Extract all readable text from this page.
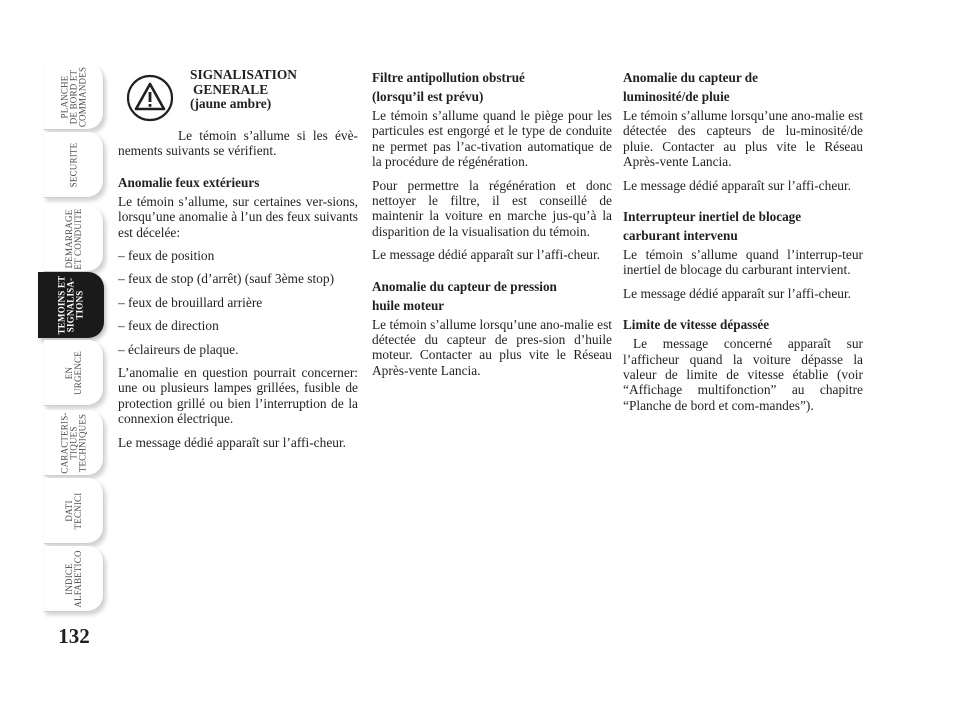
PLANCHE
DE BORD ET
COMMANDES
SECURITE
DEMARRAGE
ET CONDUITE
TEMOINS ET
SIGNALISA-
TIONS
EN
URGENCE
CARACTERIS-
TIQUES
TECHNIQUES
DATI
TECNICI
INDICE
ALFABETICO
132
SIGNALISATION
GENERALE
(jaune ambre)

Le témoin s’allume si les évè-nements suivants se vérifient.

Anomalie feux extérieurs

Le témoin s’allume, sur certaines ver-sions, lorsqu’une anomalie à l’un des feux suivants est décelée:

– feux de position

– feux de stop (d’arrêt) (sauf 3ème stop)

– feux de brouillard arrière

– feux de direction

– éclaireurs de plaque.

L’anomalie en question pourrait concerner: une ou plusieurs lampes grillées, fusible de protection grillé ou bien l’interruption de la connexion électrique.

Le message dédié apparaît sur l’affi-cheur.

Filtre antipollution obstrué
(lorsqu’il est prévu)

Le témoin s’allume quand le piège pour les particules est engorgé et le type de conduite ne permet pas l’ac-tivation automatique de la procédure de régénération.

Pour permettre la régénération et donc nettoyer le filtre, il est conseillé de maintenir la voiture en marche jus-qu’à la disparition de la visualisation du témoin.

Le message dédié apparaît sur l’affi-cheur.

Anomalie du capteur de pression
huile moteur

Le témoin s’allume lorsqu’une ano-malie est détectée du capteur de pres-sion d’huile moteur. Contacter au plus vite le Réseau Après-vente Lancia.

Anomalie du capteur de
luminosité/de pluie

Le témoin s’allume lorsqu’une ano-malie est détectée des capteurs de lu-minosité/de pluie. Contacter au plus vite le Réseau Après-vente Lancia.

Le message dédié apparaît sur l’affi-cheur.

Interrupteur inertiel de blocage
carburant intervenu

Le témoin s’allume quand l’interrup-teur inertiel de blocage du carburant intervient.

Le message dédié apparaît sur l’affi-cheur.

Limite de vitesse dépassée

Le message concerné apparaît sur l’afficheur quand la voiture dépasse la valeur de limite de vitesse établie (voir “Affichage multifonction” au chapitre “Planche de bord et com-mandes”).
